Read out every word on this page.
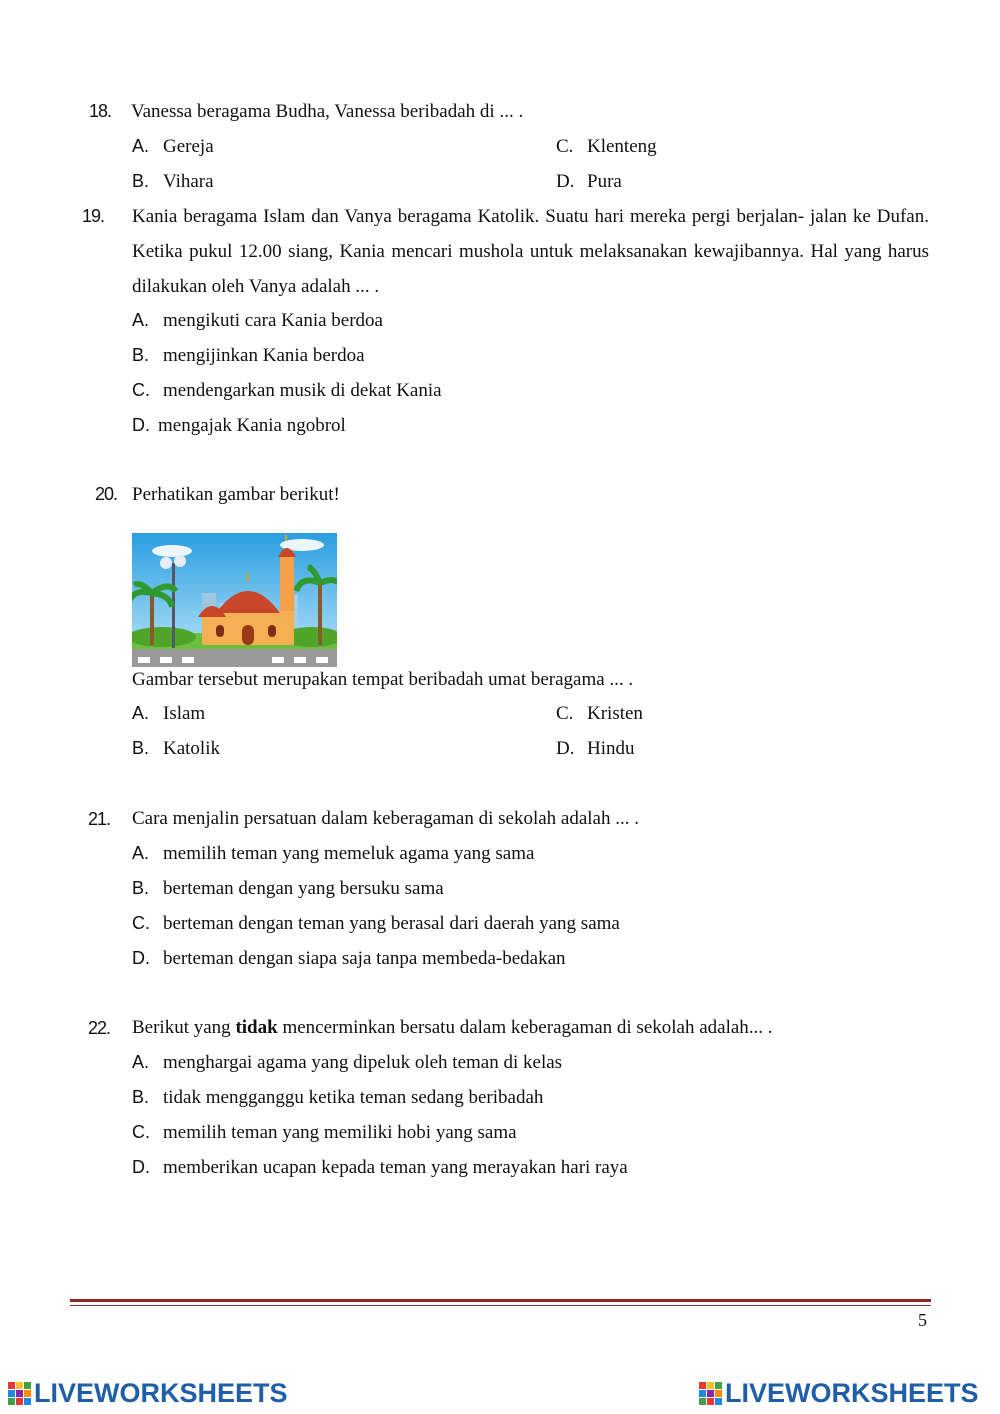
18. Vanessa beragama Budha, Vanessa beribadah di ... .
A. Gereja
B. Vihara
C. Klenteng
D. Pura
19. Kania beragama Islam dan Vanya beragama Katolik. Suatu hari mereka pergi berjalan- jalan ke Dufan. Ketika pukul 12.00 siang, Kania mencari mushola untuk melaksanakan kewajibannya. Hal yang harus dilakukan oleh Vanya adalah ... .
A. mengikuti cara Kania berdoa
B. mengijinkan Kania berdoa
C. mendengarkan musik di dekat Kania
D. mengajak Kania ngobrol
20. Perhatikan gambar berikut!
Gambar tersebut merupakan tempat beribadah umat beragama ... .
A. Islam
B. Katolik
C. Kristen
D. Hindu
21. Cara menjalin persatuan dalam keberagaman di sekolah adalah ... .
A. memilih teman yang memeluk agama yang sama
B. berteman dengan yang bersuku sama
C. berteman dengan teman yang berasal dari daerah yang sama
D. berteman dengan siapa saja tanpa membeda-bedakan
22. Berikut yang tidak mencerminkan bersatu dalam keberagaman di sekolah adalah... .
A. menghargai agama yang dipeluk oleh teman di kelas
B. tidak mengganggu ketika teman sedang beribadah
C. memilih teman yang memiliki hobi yang sama
D. memberikan ucapan kepada teman yang merayakan hari raya
5
LIVEWORKSHEETS	LIVEWORKSHEETS
